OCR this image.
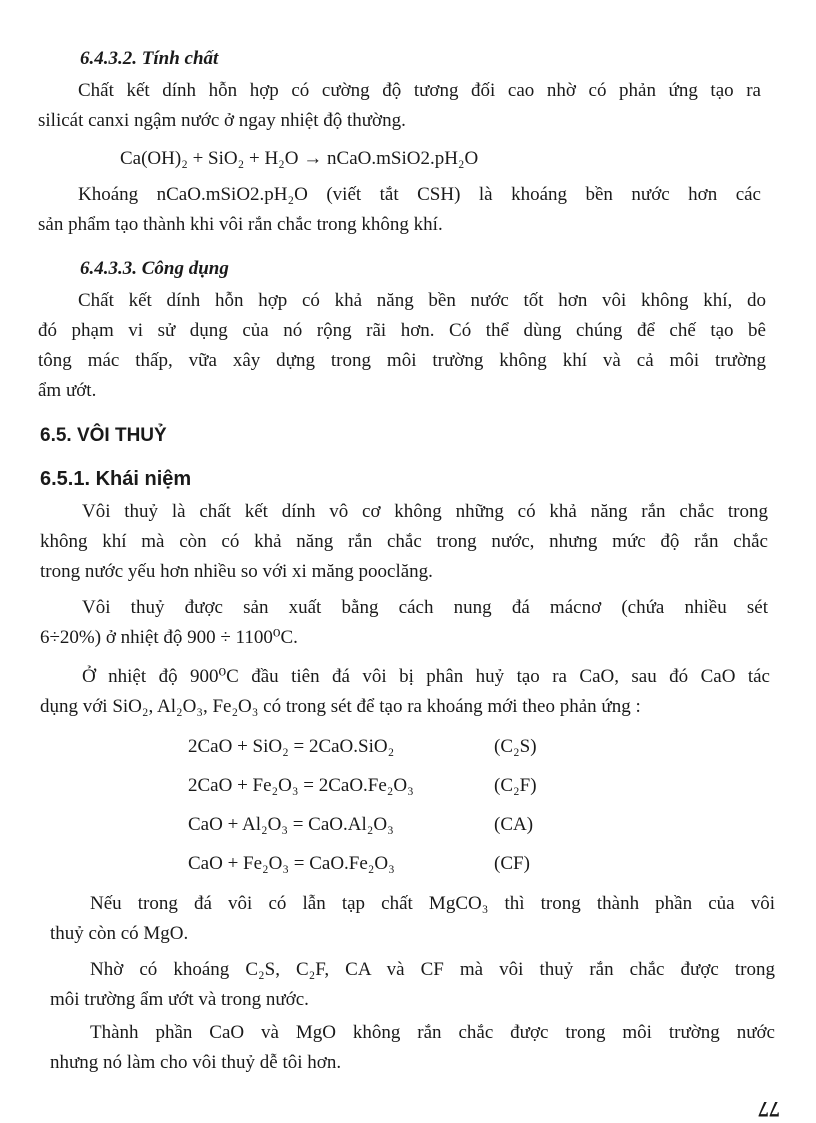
6.4.3.2. Tính chất
Chất kết dính hỗn hợp có cường độ tương đối cao nhờ có phản ứng tạo ra
silicát canxi ngậm nước ở ngay nhiệt độ thường.
Ca(OH)₂ + SiO₂ + H₂O → nCaO.mSiO2.pH₂O
Khoáng nCaO.mSiO2.pH₂O (viết tắt CSH) là khoáng bền nước hơn các
sản phẩm tạo thành khi vôi rắn chắc trong không khí.
6.4.3.3. Công dụng
Chất kết dính hỗn hợp có khả năng bền nước tốt hơn vôi không khí, do
đó phạm vi sử dụng của nó rộng rãi hơn. Có thể dùng chúng để chế tạo bê
tông mác thấp, vữa xây dựng trong môi trường không khí và cả môi trường
ẩm ướt.
6.5. VÔI THUỶ
6.5.1. Khái niệm
Vôi thuỷ là chất kết dính vô cơ không những có khả năng rắn chắc trong
không khí mà còn có khả năng rắn chắc trong nước, nhưng mức độ rắn chắc
trong nước yếu hơn nhiều so với xi măng pooclăng.
Vôi thuỷ được sản xuất bằng cách nung đá mácnơ (chứa nhiều sét
6÷20%) ở nhiệt độ 900 ÷ 1100⁰C.
Ở nhiệt độ 900⁰C đầu tiên đá vôi bị phân huỷ tạo ra CaO, sau đó CaO tác
dụng với SiO₂, Al₂O₃, Fe₂O₃ có trong sét để tạo ra khoáng mới theo phản ứng :
2CaO + SiO₂ = 2CaO.SiO₂	(C₂S)
2CaO + Fe₂O₃ = 2CaO.Fe₂O₃	(C₂F)
CaO + Al₂O₃ = CaO.Al₂O₃	(CA)
CaO + Fe₂O₃ = CaO.Fe₂O₃	(CF)
Nếu trong đá vôi có lẫn tạp chất MgCO₃ thì trong thành phần của vôi
thuỷ còn có MgO.
Nhờ có khoáng C₂S, C₂F, CA và CF mà vôi thuỷ rắn chắc được trong
môi trường ẩm ướt và trong nước.
Thành phần CaO và MgO không rắn chắc được trong môi trường nước
nhưng nó làm cho vôi thuỷ dễ tôi hơn.
77
